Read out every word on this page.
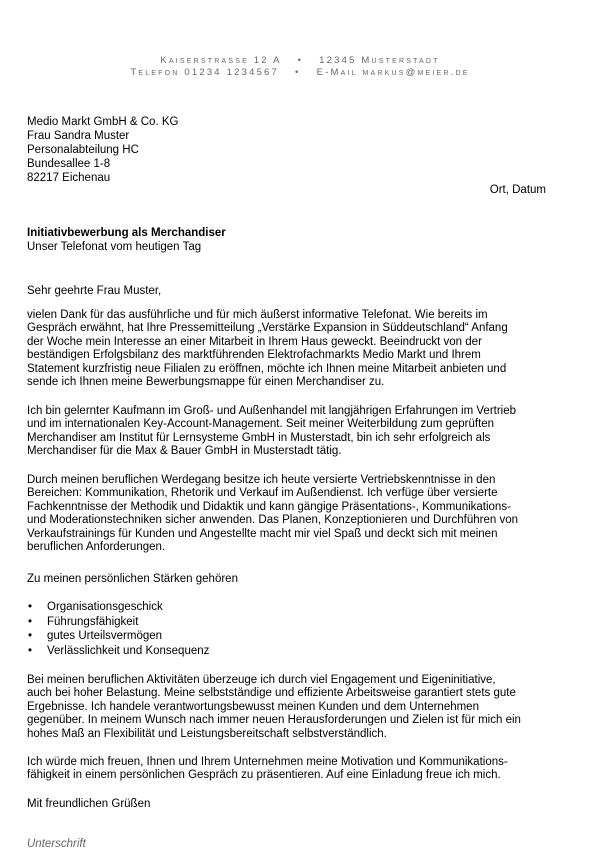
Kaiserstrasse 12 A • 12345 Musterstadt
Telefon 01234 1234567 • E-Mail markus@meier.de
Medio Markt GmbH & Co. KG
Frau Sandra Muster
Personalabteilung HC
Bundesallee 1-8
82217 Eichenau
Ort, Datum
Initiativbewerbung als Merchandiser
Unser Telefonat vom heutigen Tag
Sehr geehrte Frau Muster,
vielen Dank für das ausführliche und für mich äußerst informative Telefonat. Wie bereits im
Gespräch erwähnt, hat Ihre Pressemitteilung „Verstärke Expansion in Süddeutschland“ Anfang
der Woche mein Interesse an einer Mitarbeit in Ihrem Haus geweckt. Beeindruckt von der
beständigen Erfolgsbilanz des marktführenden Elektrofachmarkts Medio Markt und Ihrem
Statement kurzfristig neue Filialen zu eröffnen, möchte ich Ihnen meine Mitarbeit anbieten und
sende ich Ihnen meine Bewerbungsmappe für einen Merchandiser zu.
Ich bin gelernter Kaufmann im Groß- und Außenhandel mit langjährigen Erfahrungen im Vertrieb
und im internationalen Key-Account-Management. Seit meiner Weiterbildung zum geprüften
Merchandiser am Institut für Lernsysteme GmbH in Musterstadt, bin ich sehr erfolgreich als
Merchandiser für die Max & Bauer GmbH in Musterstadt tätig.
Durch meinen beruflichen Werdegang besitze ich heute versierte Vertriebskenntnisse in den
Bereichen: Kommunikation, Rhetorik und Verkauf im Außendienst. Ich verfüge über versierte
Fachkenntnisse der Methodik und Didaktik und kann gängige Präsentations-, Kommunikations-
und Moderationstechniken sicher anwenden. Das Planen, Konzeptionieren und Durchführen von
Verkaufstrainings für Kunden und Angestellte macht mir viel Spaß und deckt sich mit meinen
beruflichen Anforderungen.
Zu meinen persönlichen Stärken gehören
• Organisationsgeschick
• Führungsfähigkeit
• gutes Urteilsvermögen
• Verlässlichkeit und Konsequenz
Bei meinen beruflichen Aktivitäten überzeuge ich durch viel Engagement und Eigeninitiative,
auch bei hoher Belastung. Meine selbstständige und effiziente Arbeitsweise garantiert stets gute
Ergebnisse. Ich handele verantwortungsbewusst meinen Kunden und dem Unternehmen
gegenüber. In meinem Wunsch nach immer neuen Herausforderungen und Zielen ist für mich ein
hohes Maß an Flexibilität und Leistungsbereitschaft selbstverständlich.
Ich würde mich freuen, Ihnen und Ihrem Unternehmen meine Motivation und Kommunikations-
fähigkeit in einem persönlichen Gespräch zu präsentieren. Auf eine Einladung freue ich mich.
Mit freundlichen Grüßen
Unterschrift
